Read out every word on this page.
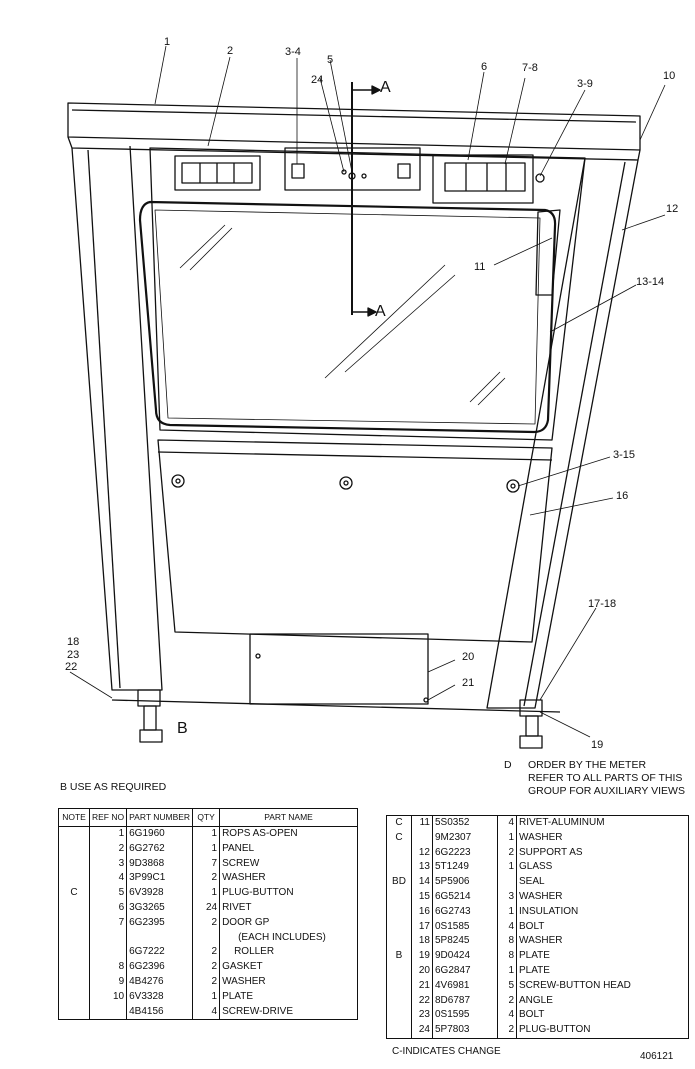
1
2	3-4
5
24	A
6	7-8
3-9
10
12
11
13-14
A
3-15
16
17-18
18
23
22
20
21
B
19
B USE AS REQUIRED
D ORDER BY THE METER
REFER TO ALL PARTS OF THIS
GROUP FOR AUXILIARY VIEWS
NOTE	REF NO	PART NUMBER	QTY	PART NAME
	1	6G1960	1	ROPS AS-OPEN
	2	6G2762	1	PANEL
	3	9D3868	7	SCREW
	4	3P99C1	2	WASHER
C	5	6V3928	1	PLUG-BUTTON
	6	3G3265	24	RIVET
	7	6G2395	2	DOOR GP
				(EACH INCLUDES)
		6G7222	2	ROLLER
	8	6G2396	2	GASKET
	9	4B4276	2	WASHER
	10	6V3328	1	PLATE
		4B4156	4	SCREW-DRIVE
C	11	5S0352	4	RIVET-ALUMINUM
C		9M2307	1	WASHER
	12	6G2223	2	SUPPORT AS
	13	5T1249	1	GLASS
BD	14	5P5906		SEAL
	15	6G5214	3	WASHER
	16	6G2743	1	INSULATION
	17	0S1585	4	BOLT
	18	5P8245	8	WASHER
B	19	9D0424	8	PLATE
	20	6G2847	1	PLATE
	21	4V6981	5	SCREW-BUTTON HEAD
	22	8D6787	2	ANGLE
	23	0S1595	4	BOLT
	24	5P7803	2	PLUG-BUTTON
C-INDICATES CHANGE	406121
